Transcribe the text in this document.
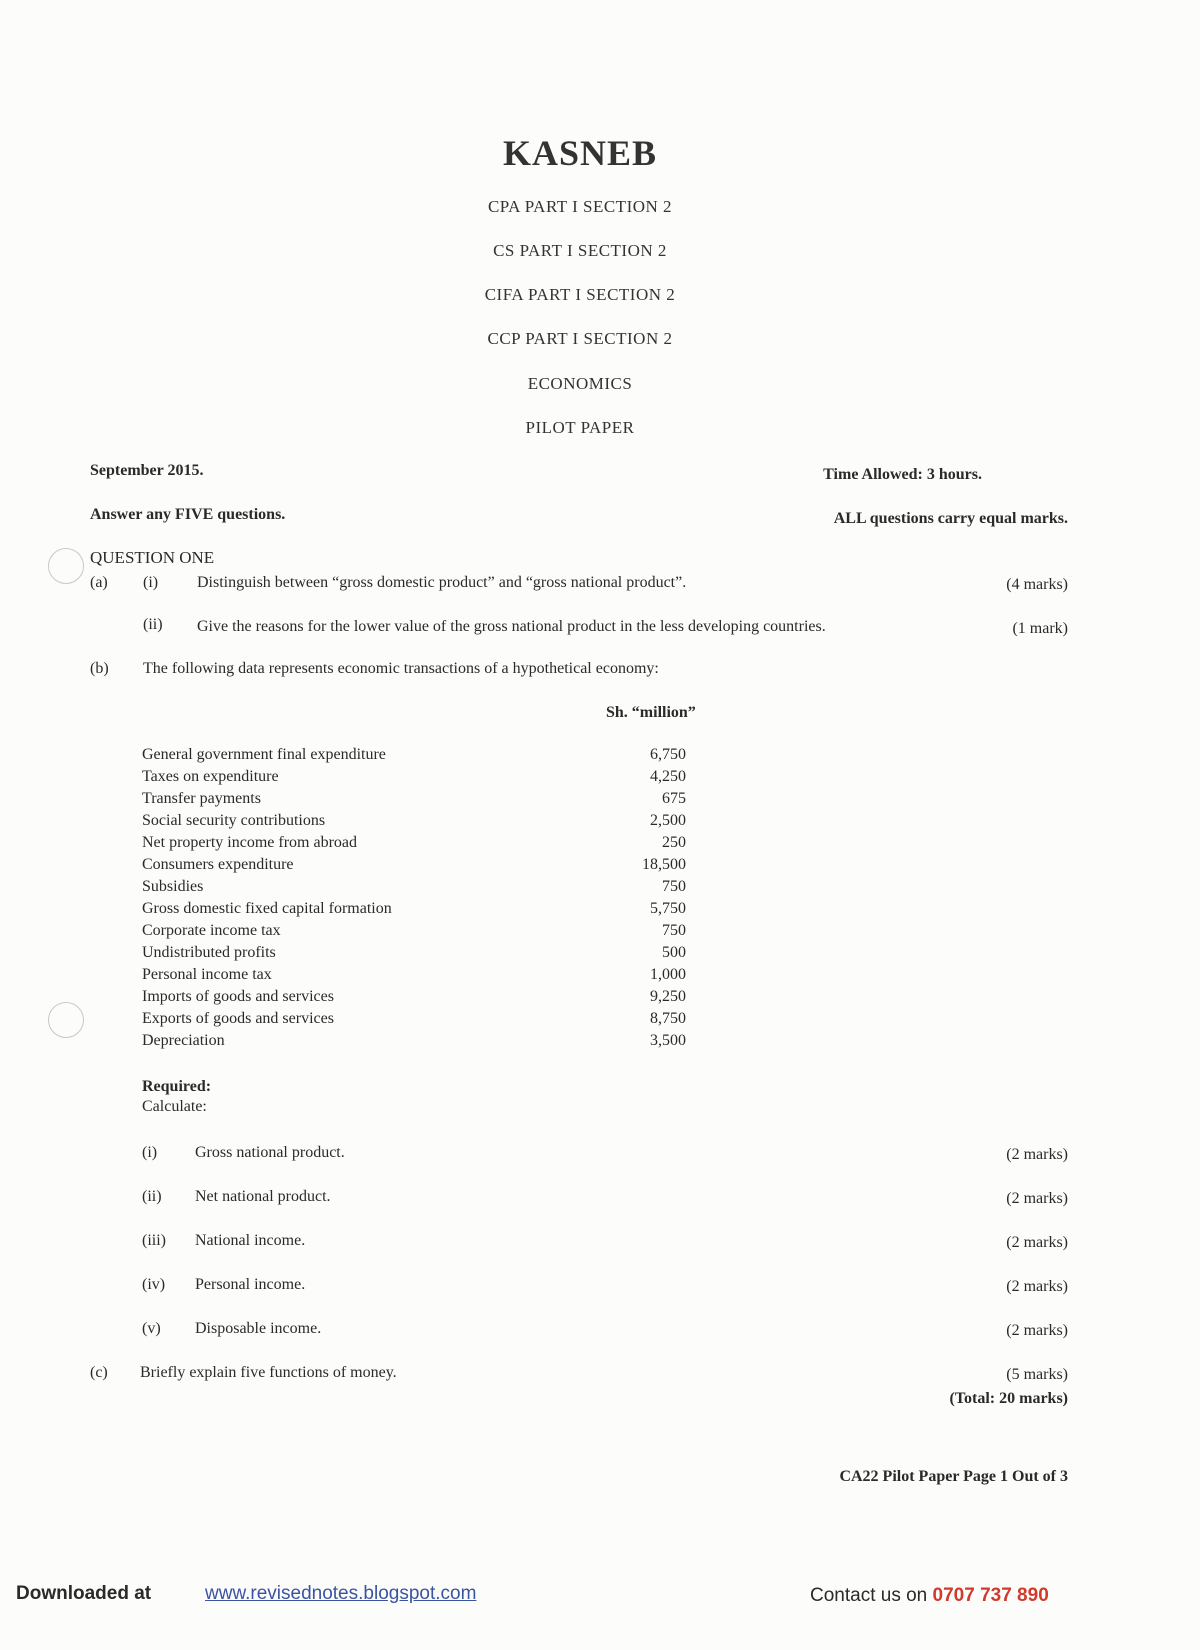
KASNEB
CPA PART I SECTION 2
CS PART I SECTION 2
CIFA PART I SECTION 2
CCP PART I SECTION 2
ECONOMICS
PILOT PAPER
September 2015.	Time Allowed: 3 hours.
Answer any FIVE questions.	ALL questions carry equal marks.
QUESTION ONE
(a) (i) Distinguish between “gross domestic product” and “gross national product”.	(4 marks)
(ii) Give the reasons for the lower value of the gross national product in the less developing countries.	(1 mark)
(b) The following data represents economic transactions of a hypothetical economy:
Sh. “million”
General government final expenditure	6,750
Taxes on expenditure	4,250
Transfer payments	675
Social security contributions	2,500
Net property income from abroad	250
Consumers expenditure	18,500
Subsidies	750
Gross domestic fixed capital formation	5,750
Corporate income tax	750
Undistributed profits	500
Personal income tax	1,000
Imports of goods and services	9,250
Exports of goods and services	8,750
Depreciation	3,500
Required:
Calculate:
(i) Gross national product.	(2 marks)
(ii) Net national product.	(2 marks)
(iii) National income.	(2 marks)
(iv) Personal income.	(2 marks)
(v) Disposable income.	(2 marks)
(c) Briefly explain five functions of money.	(5 marks)
(Total: 20 marks)
CA22 Pilot Paper Page 1 Out of 3
Downloaded at	www.revisednotes.blogspot.com	Contact us on 0707 737 890
